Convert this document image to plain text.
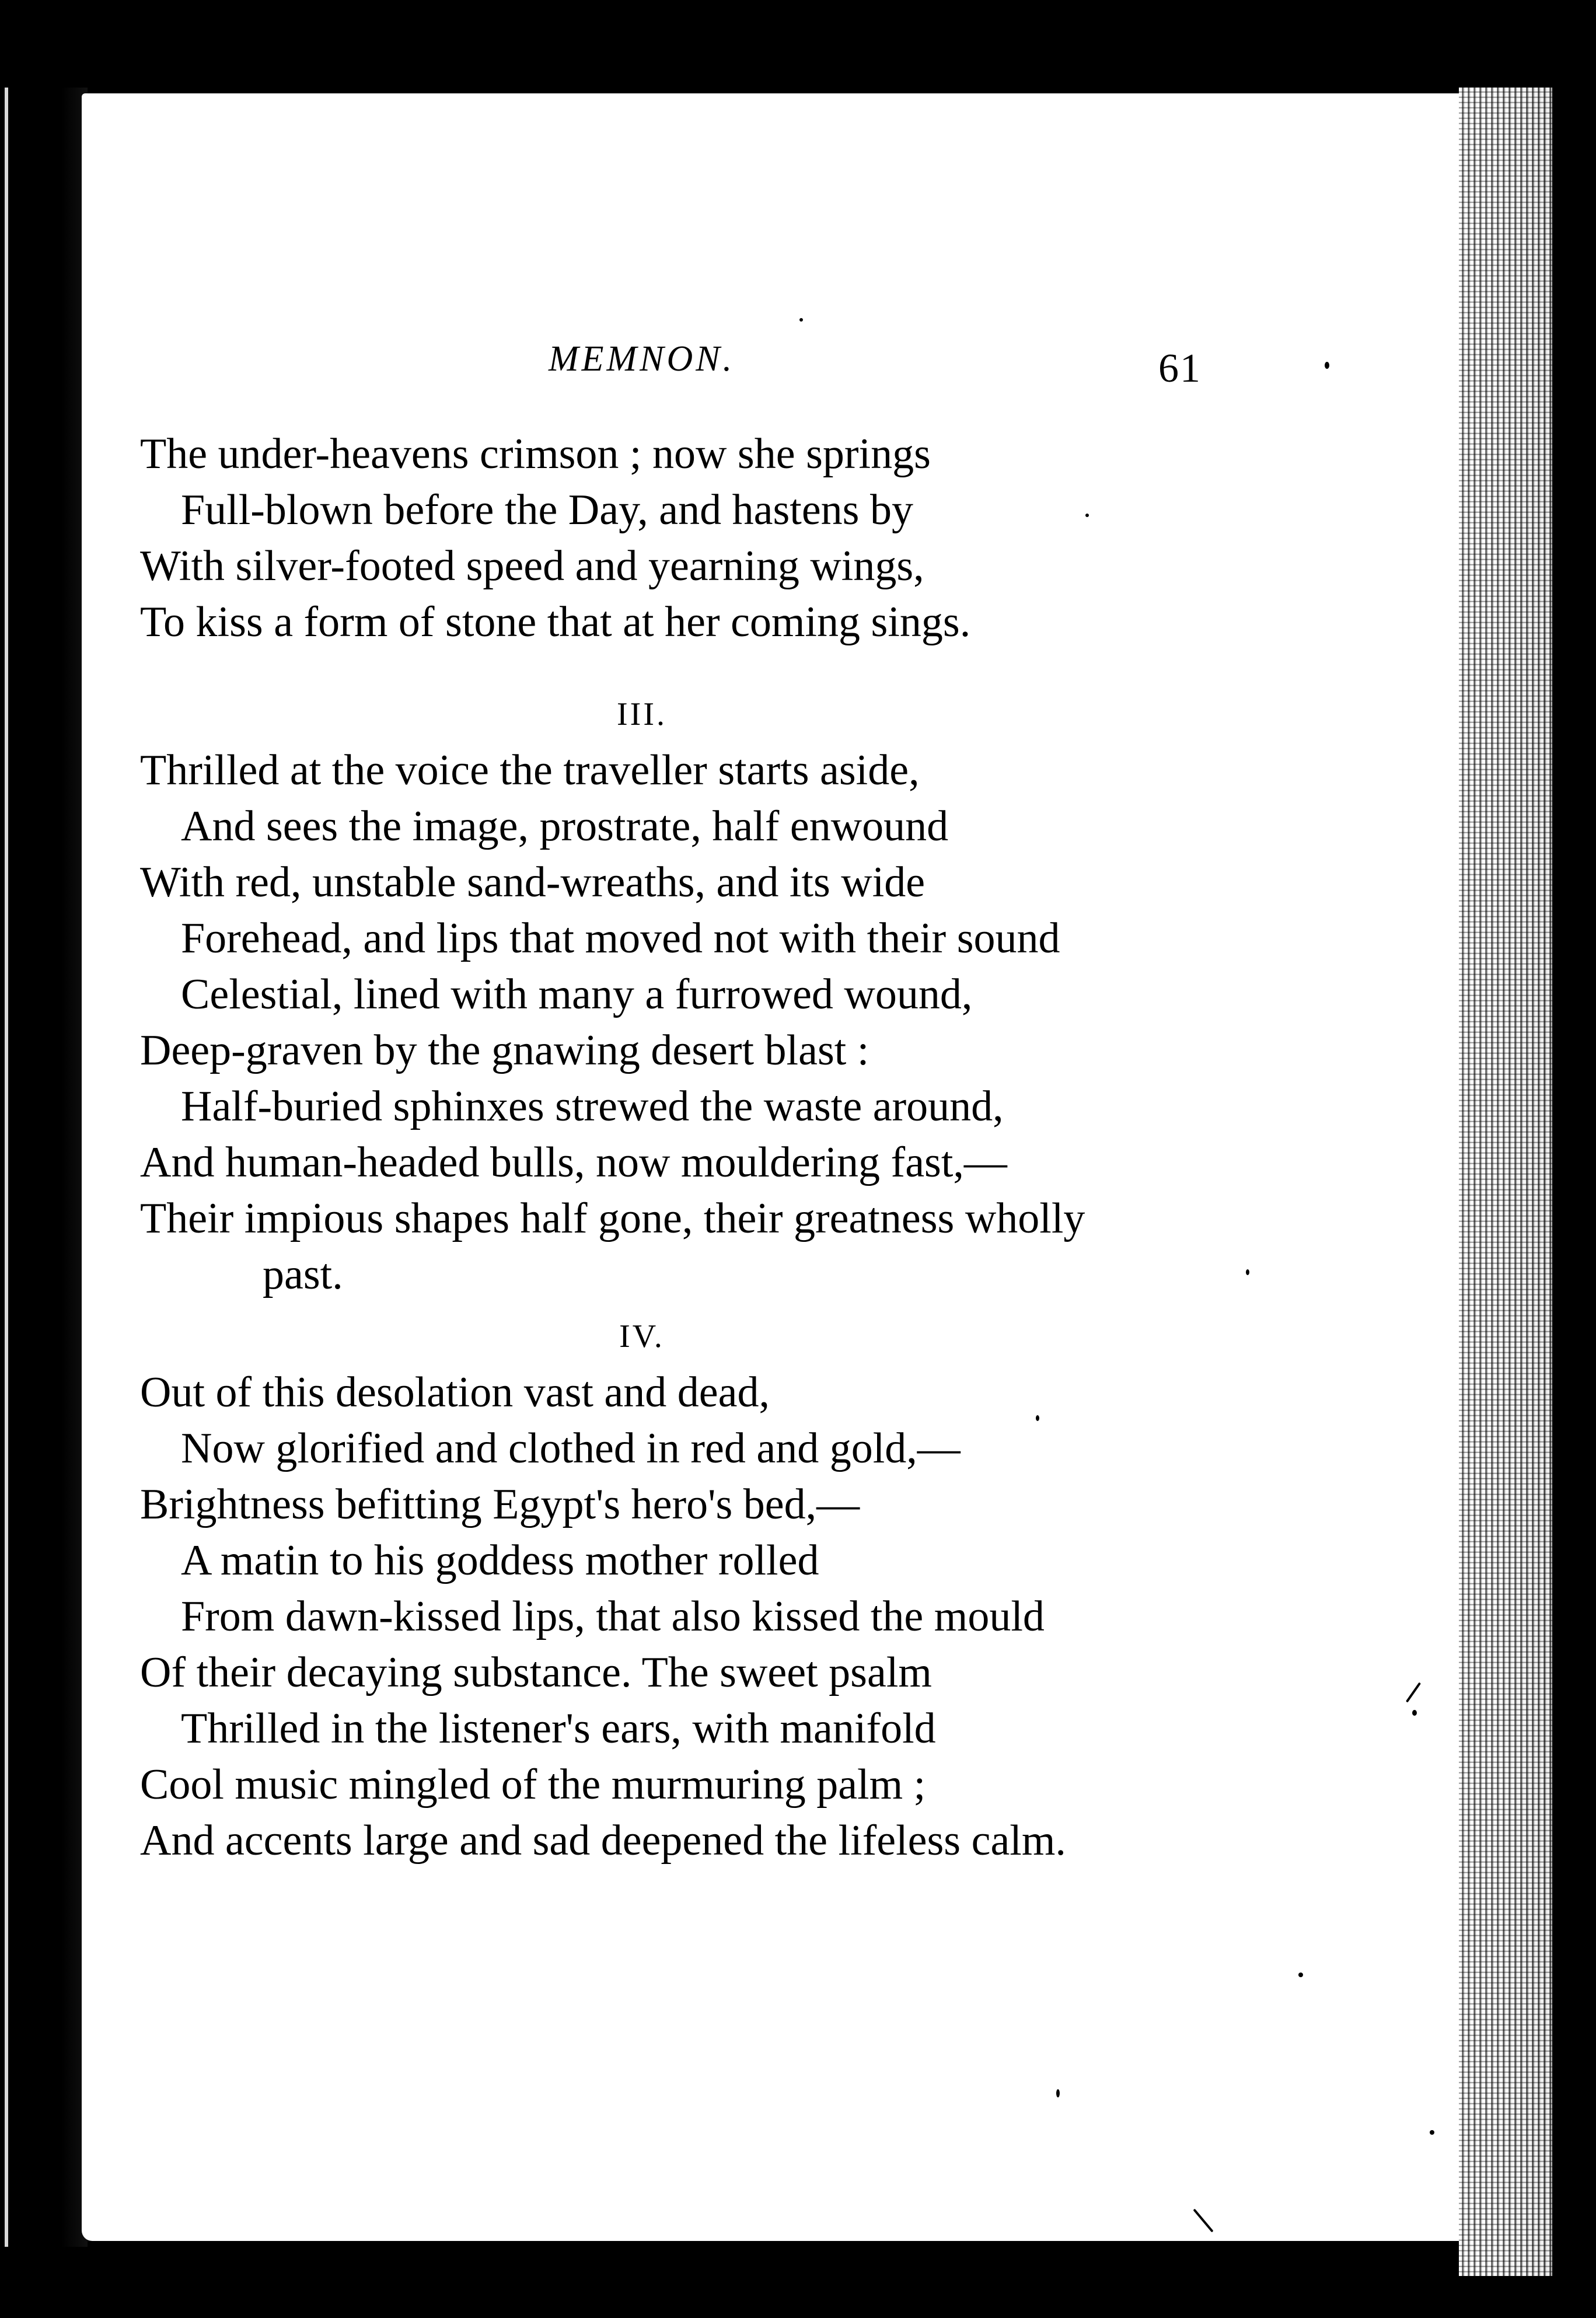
MEMNON.	61
The under-heavens crimson ; now she springs
Full-blown before the Day, and hastens by
With silver-footed speed and yearning wings,
To kiss a form of stone that at her coming sings.
III.
Thrilled at the voice the traveller starts aside,
And sees the image, prostrate, half enwound
With red, unstable sand-wreaths, and its wide
Forehead, and lips that moved not with their sound
Celestial, lined with many a furrowed wound,
Deep-graven by the gnawing desert blast :
Half-buried sphinxes strewed the waste around,
And human-headed bulls, now mouldering fast,—
Their impious shapes half gone, their greatness wholly
past.
IV.
Out of this desolation vast and dead,
Now glorified and clothed in red and gold,—
Brightness befitting Egypt's hero's bed,—
A matin to his goddess mother rolled
From dawn-kissed lips, that also kissed the mould
Of their decaying substance. The sweet psalm
Thrilled in the listener's ears, with manifold
Cool music mingled of the murmuring palm ;
And accents large and sad deepened the lifeless calm.
